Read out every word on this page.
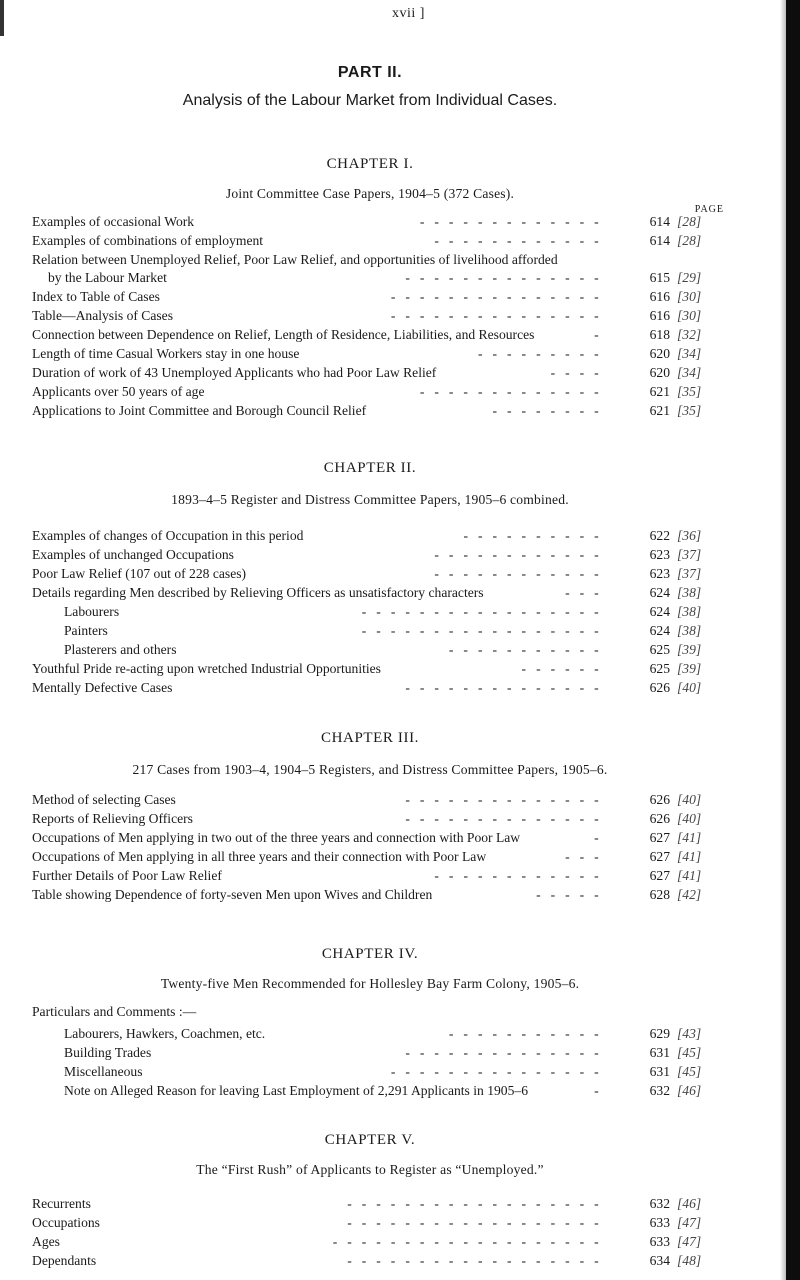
xvii ]
PART II.
Analysis of the Labour Market from Individual Cases.
CHAPTER I.
Joint Committee Case Papers, 1904–5 (372 Cases).
PAGE
Examples of occasional Work	- - - - - - - - - - - - -	614 [28]
Examples of combinations of employment	- - - - - - - - - - - -	614 [28]
Relation between Unemployed Relief, Poor Law Relief, and opportunities of livelihood afforded
by the Labour Market	- - - - - - - - - - - - - -	615 [29]
Index to Table of Cases	- - - - - - - - - - - - - - -	616 [30]
Table—Analysis of Cases	- - - - - - - - - - - - - - -	616 [30]
Connection between Dependence on Relief, Length of Residence, Liabilities, and Resources	-	618 [32]
Length of time Casual Workers stay in one house	- - - - - - - - -	620 [34]
Duration of work of 43 Unemployed Applicants who had Poor Law Relief	- - - -	620 [34]
Applicants over 50 years of age	- - - - - - - - - - - - -	621 [35]
Applications to Joint Committee and Borough Council Relief	- - - - - - - -	621 [35]
CHAPTER II.
1893–4–5 Register and Distress Committee Papers, 1905–6 combined.
Examples of changes of Occupation in this period	- - - - - - - - - -	622 [36]
Examples of unchanged Occupations	- - - - - - - - - - - -	623 [37]
Poor Law Relief (107 out of 228 cases)	- - - - - - - - - - - -	623 [37]
Details regarding Men described by Relieving Officers as unsatisfactory characters	- - -	624 [38]
Labourers	- - - - - - - - - - - - - - - - -	624 [38]
Painters	- - - - - - - - - - - - - - - - -	624 [38]
Plasterers and others	- - - - - - - - - - -	625 [39]
Youthful Pride re-acting upon wretched Industrial Opportunities	- - - - - -	625 [39]
Mentally Defective Cases	- - - - - - - - - - - - - -	626 [40]
CHAPTER III.
217 Cases from 1903–4, 1904–5 Registers, and Distress Committee Papers, 1905–6.
Method of selecting Cases	- - - - - - - - - - - - - -	626 [40]
Reports of Relieving Officers	- - - - - - - - - - - - - -	626 [40]
Occupations of Men applying in two out of the three years and connection with Poor Law	-	627 [41]
Occupations of Men applying in all three years and their connection with Poor Law	- - -	627 [41]
Further Details of Poor Law Relief	- - - - - - - - - - - -	627 [41]
Table showing Dependence of forty-seven Men upon Wives and Children	- - - - -	628 [42]
CHAPTER IV.
Twenty-five Men Recommended for Hollesley Bay Farm Colony, 1905–6.
Particulars and Comments :—
Labourers, Hawkers, Coachmen, etc.	- - - - - - - - - - -	629 [43]
Building Trades	- - - - - - - - - - - - - -	631 [45]
Miscellaneous	- - - - - - - - - - - - - - -	631 [45]
Note on Alleged Reason for leaving Last Employment of 2,291 Applicants in 1905–6	-	632 [46]
CHAPTER V.
The “First Rush” of Applicants to Register as “Unemployed.”
Recurrents	- - - - - - - - - - - - - - - - - -	632 [46]
Occupations	- - - - - - - - - - - - - - - - - -	633 [47]
Ages	- - - - - - - - - - - - - - - - - - -	633 [47]
Dependants	- - - - - - - - - - - - - - - - - -	634 [48]
